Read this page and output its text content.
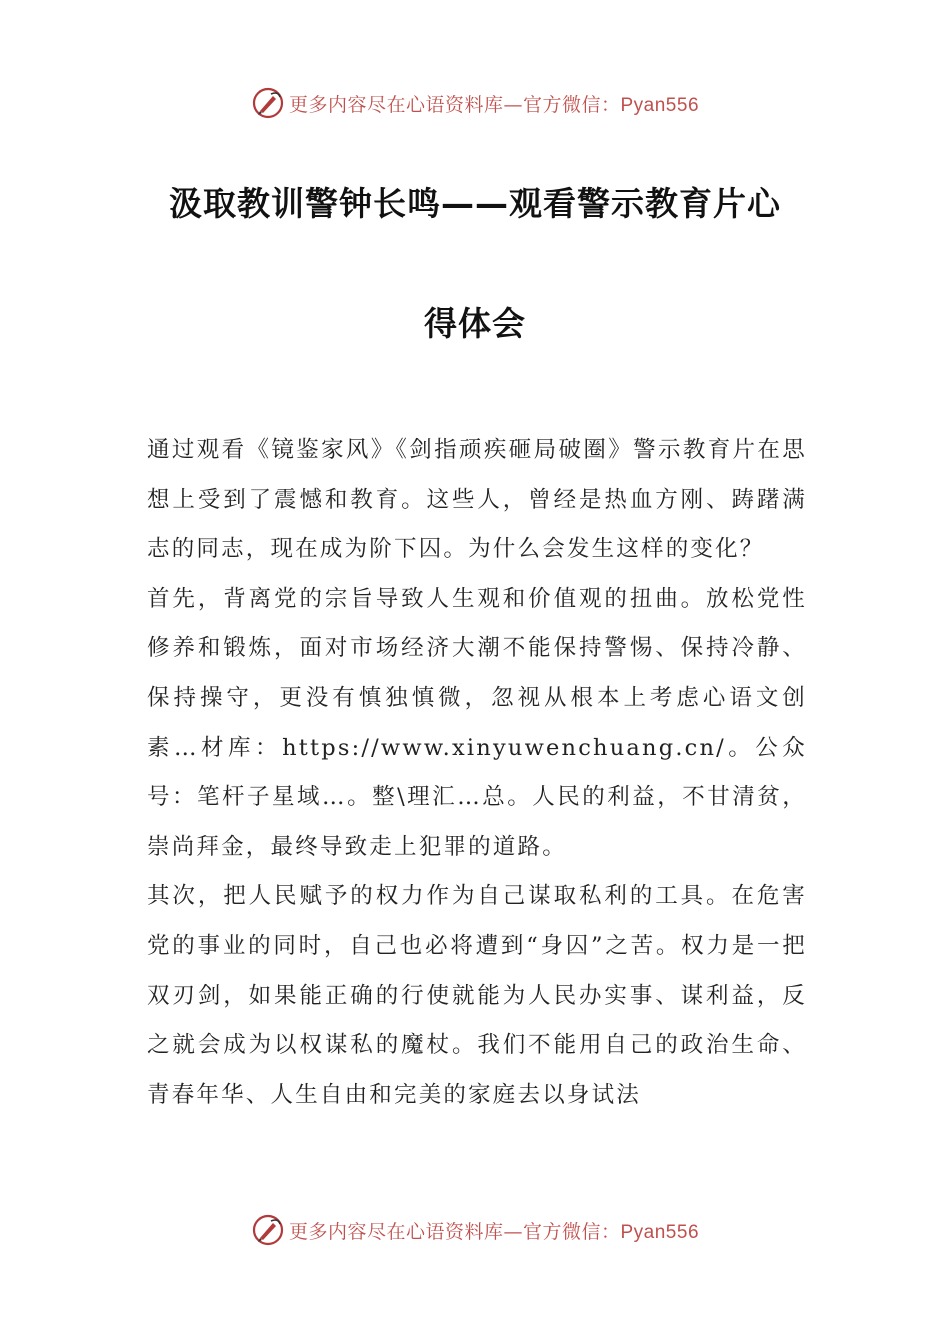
更多内容尽在心语资料库—官方微信：Pyan556
汲取教训警钟长鸣——观看警示教育片心
得体会

通过观看《镜鉴家风》《剑指顽疾砸局破圈》警示教育片在思想上受到了震憾和教育。这些人，曾经是热血方刚、踌躇满志的同志，现在成为阶下囚。为什么会发生这样的变化？

首先，背离党的宗旨导致人生观和价值观的扭曲。放松党性修养和锻炼，面对市场经济大潮不能保持警惕、保持冷静、保持操守，更没有慎独慎微，忽视从根本上考虑心语文创素…材库：https://www.xinyuwenchuang.cn/。公众号：笔杆子星域…。整\理汇…总。人民的利益，不甘清贫，崇尚拜金，最终导致走上犯罪的道路。

其次，把人民赋予的权力作为自己谋取私利的工具。在危害党的事业的同时，自己也必将遭到“身囚”之苦。权力是一把双刃剑，如果能正确的行使就能为人民办实事、谋利益，反之就会成为以权谋私的魔杖。我们不能用自己的政治生命、青春年华、人生自由和完美的家庭去以身试法

更多内容尽在心语资料库—官方微信：Pyan556
